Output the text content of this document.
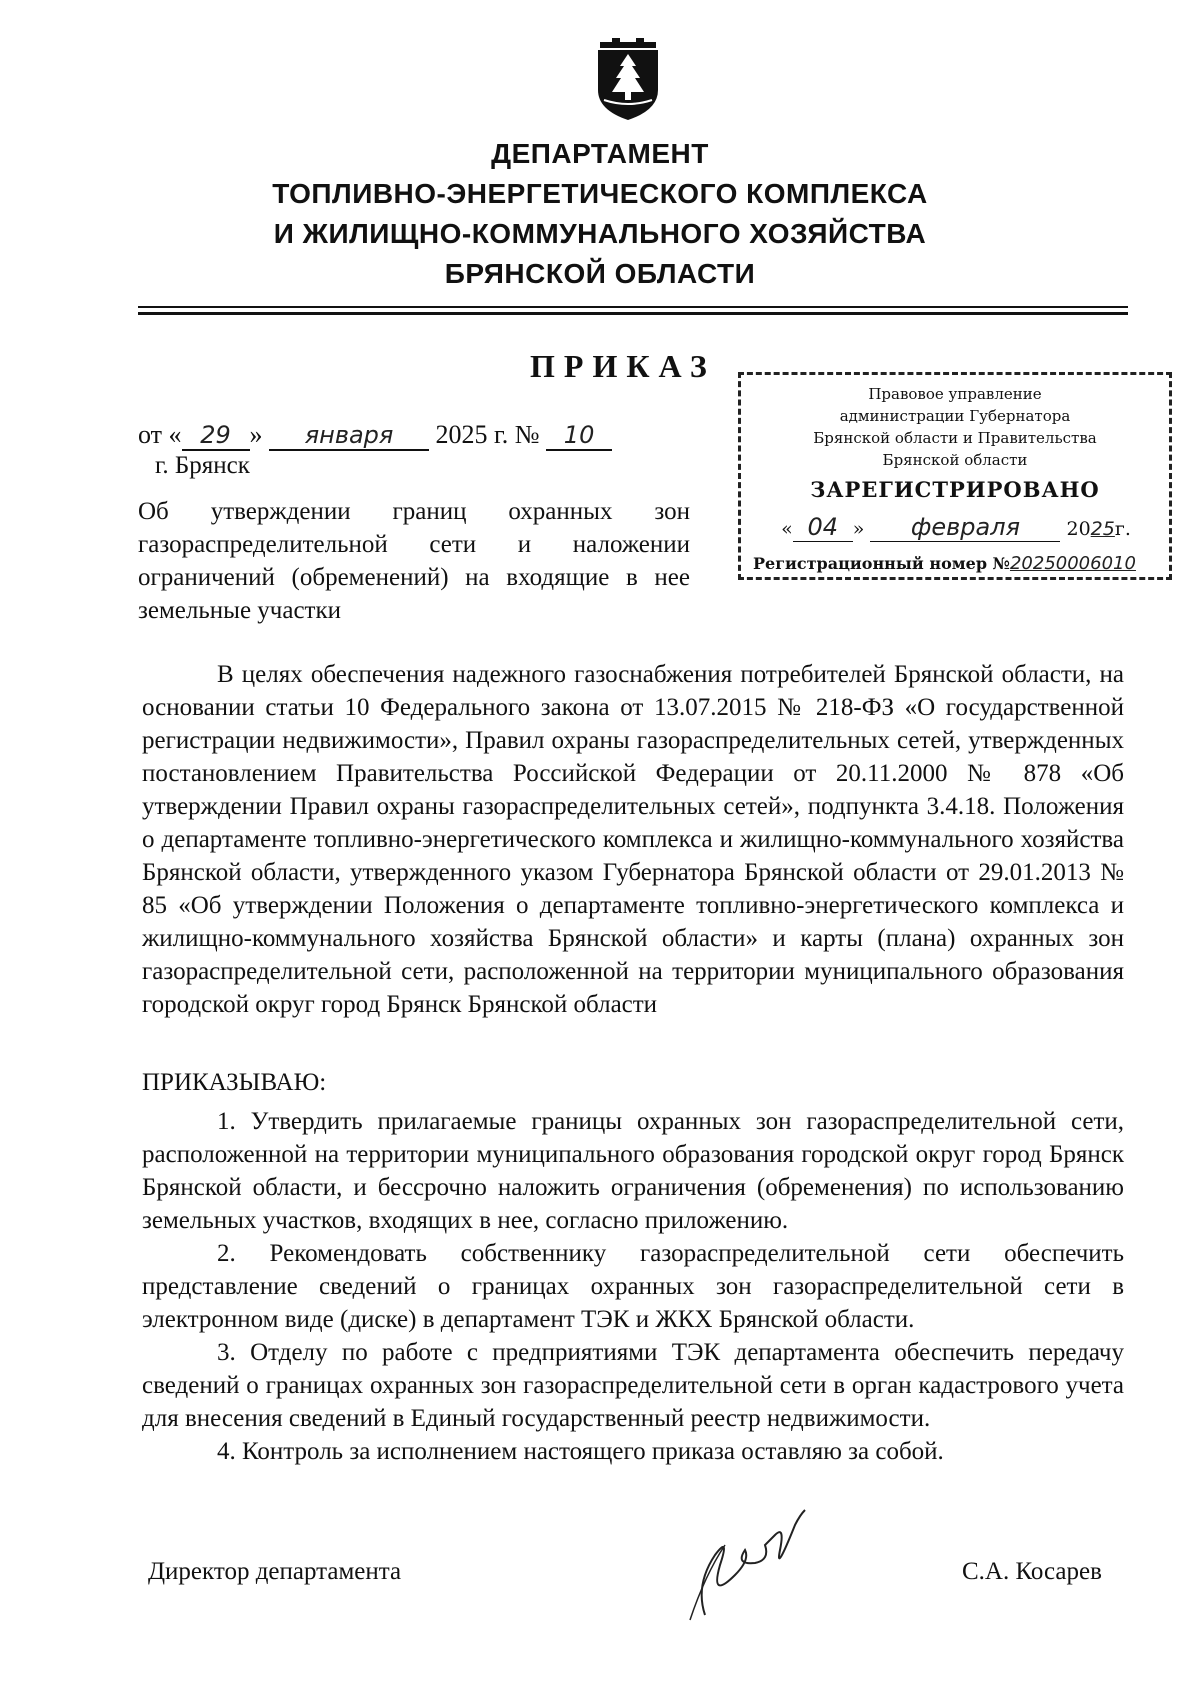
ДЕПАРТАМЕНТ
ТОПЛИВНО-ЭНЕРГЕТИЧЕСКОГО КОМПЛЕКСА
И ЖИЛИЩНО-КОММУНАЛЬНОГО ХОЗЯЙСТВА
БРЯНСКОЙ ОБЛАСТИ
ПРИКАЗ
от « 29 » января 2025 г. № 10
г. Брянск
Об утверждении границ охранных зон газораспределительной сети и наложении ограничений (обременений) на входящие в нее земельные участки
Правовое управление
администрации Губернатора
Брянской области и Правительства
Брянской области
ЗАРЕГИСТРИРОВАНО
« 04 » февраля 2025г.
Регистрационный номер №20250006010

В целях обеспечения надежного газоснабжения потребителей Брянской области, на основании статьи 10 Федерального закона от 13.07.2015 № 218-ФЗ «О государственной регистрации недвижимости», Правил охраны газораспределительных сетей, утвержденных постановлением Правительства Российской Федерации от 20.11.2000 № 878 «Об утверждении Правил охраны газораспределительных сетей», подпункта 3.4.18. Положения о департаменте топливно-энергетического комплекса и жилищно-коммунального хозяйства Брянской области, утвержденного указом Губернатора Брянской области от 29.01.2013 № 85 «Об утверждении Положения о департаменте топливно-энергетического комплекса и жилищно-коммунального хозяйства Брянской области» и карты (плана) охранных зон газораспределительной сети, расположенной на территории муниципального образования городской округ город Брянск Брянской области

ПРИКАЗЫВАЮ:

1. Утвердить прилагаемые границы охранных зон газораспределительной сети, расположенной на территории муниципального образования городской округ город Брянск Брянской области, и бессрочно наложить ограничения (обременения) по использованию земельных участков, входящих в нее, согласно приложению.

2. Рекомендовать собственнику газораспределительной сети обеспечить представление сведений о границах охранных зон газораспределительной сети в электронном виде (диске) в департамент ТЭК и ЖКХ Брянской области.

3. Отделу по работе с предприятиями ТЭК департамента обеспечить передачу сведений о границах охранных зон газораспределительной сети в орган кадастрового учета для внесения сведений в Единый государственный реестр недвижимости.

4. Контроль за исполнением настоящего приказа оставляю за собой.

Директор департамента	С.А. Косарев
